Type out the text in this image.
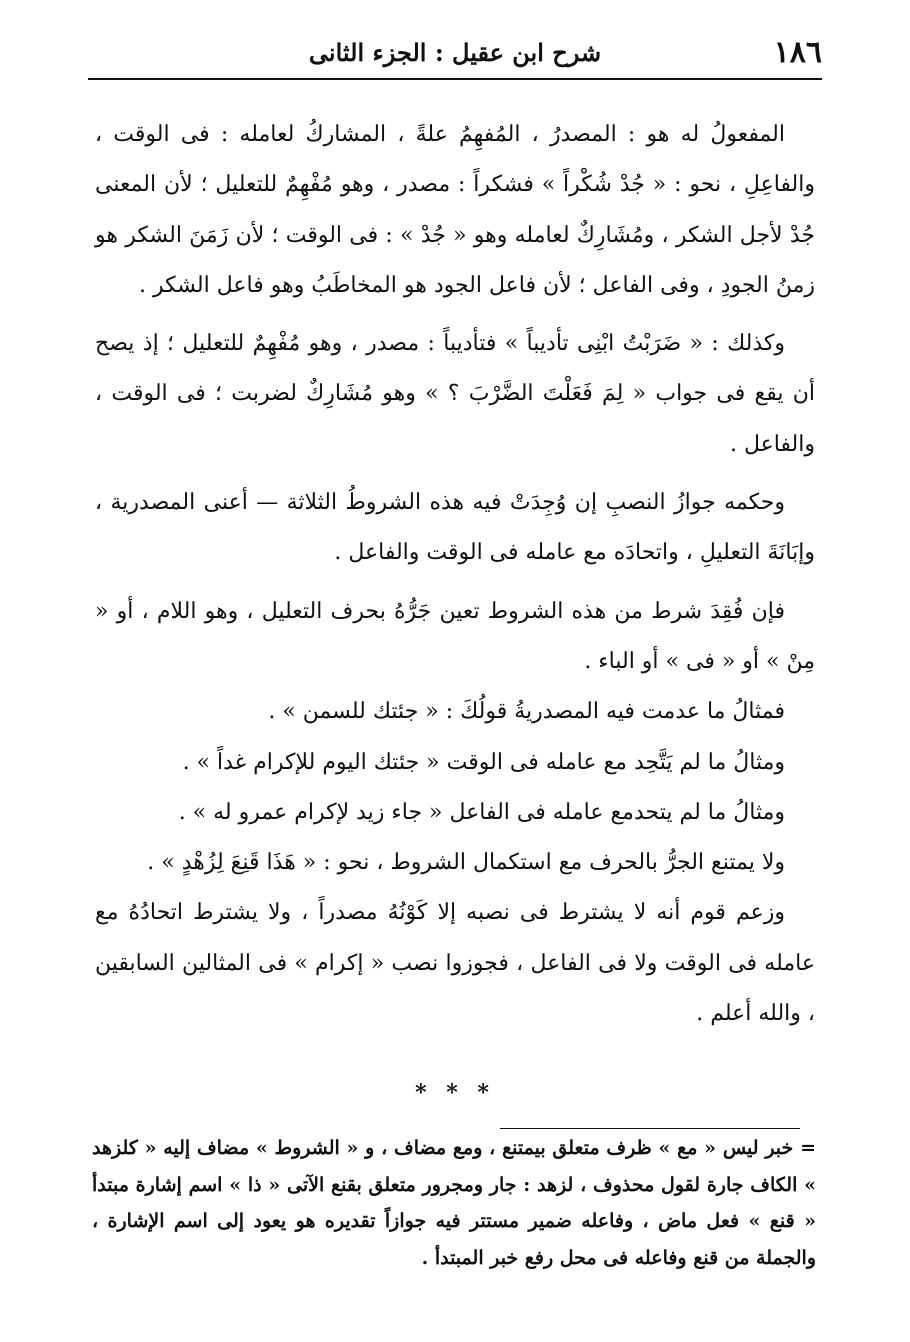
١٨٦
شرح ابن عقيل : الجزء الثانى

المفعولُ له هو : المصدرُ ، المُفهِمُ علةً ، المشاركُ لعامله : فى الوقت ، والفاعِلِ ، نحو : « جُدْ شُكْراً » فشكراً : مصدر ، وهو مُفْهِمٌ للتعليل ؛ لأن المعنى جُدْ لأجل الشكر ، ومُشَارِكٌ لعامله وهو « جُدْ » : فى الوقت ؛ لأن زَمَنَ الشكر هو زمنُ الجودِ ، وفى الفاعل ؛ لأن فاعل الجود هو المخاطَبُ وهو فاعل الشكر .

وكذلك : « ضَرَبْتُ ابْنِى تأديباً » فتأديباً : مصدر ، وهو مُفْهِمٌ للتعليل ؛ إذ يصح أن يقع فى جواب « لِمَ فَعَلْتَ الضَّرْبَ ؟ » وهو مُشَارِكٌ لضربت ؛ فى الوقت ، والفاعل .

وحكمه جوازُ النصبِ إن وُجِدَتْ فيه هذه الشروطُ الثلاثة — أعنى المصدرية ، وإبَانَةَ التعليلِ ، واتحادَه مع عامله فى الوقت والفاعل .

فإن فُقِدَ شرط من هذه الشروط تعين جَرُّهُ بحرف التعليل ، وهو اللام ، أو « مِنْ » أو « فى » أو الباء .

فمثالُ ما عدمت فيه المصدريةُ قولُكَ : « جئتك للسمن » .

ومثالُ ما لم يَتَّحِد مع عامله فى الوقت « جئتك اليوم للإكرام غداً » .

ومثالُ ما لم يتحدمع عامله فى الفاعل « جاء زيد لإكرام عمرو له » .

ولا يمتنع الجرُّ بالحرف مع استكمال الشروط ، نحو : « هَذَا قَنِعَ لِزُهْدٍ » .

وزعم قوم أنه لا يشترط فى نصبه إلا كَوْنُهُ مصدراً ، ولا يشترط اتحادُهُ مع عامله فى الوقت ولا فى الفاعل ، فجوزوا نصب « إكرام » فى المثالين السابقين ، والله أعلم .

* * *

= خبر ليس « مع » ظرف متعلق بيمتنع ، ومع مضاف ، و « الشروط » مضاف إليه « كلزهد » الكاف جارة لقول محذوف ، لزهد : جار ومجرور متعلق بقنع الآتى « ذا » اسم إشارة مبتدأ « قنع » فعل ماض ، وفاعله ضمير مستتر فيه جوازاً تقديره هو يعود إلى اسم الإشارة ، والجملة من قنع وفاعله فى محل رفع خبر المبتدأ .
